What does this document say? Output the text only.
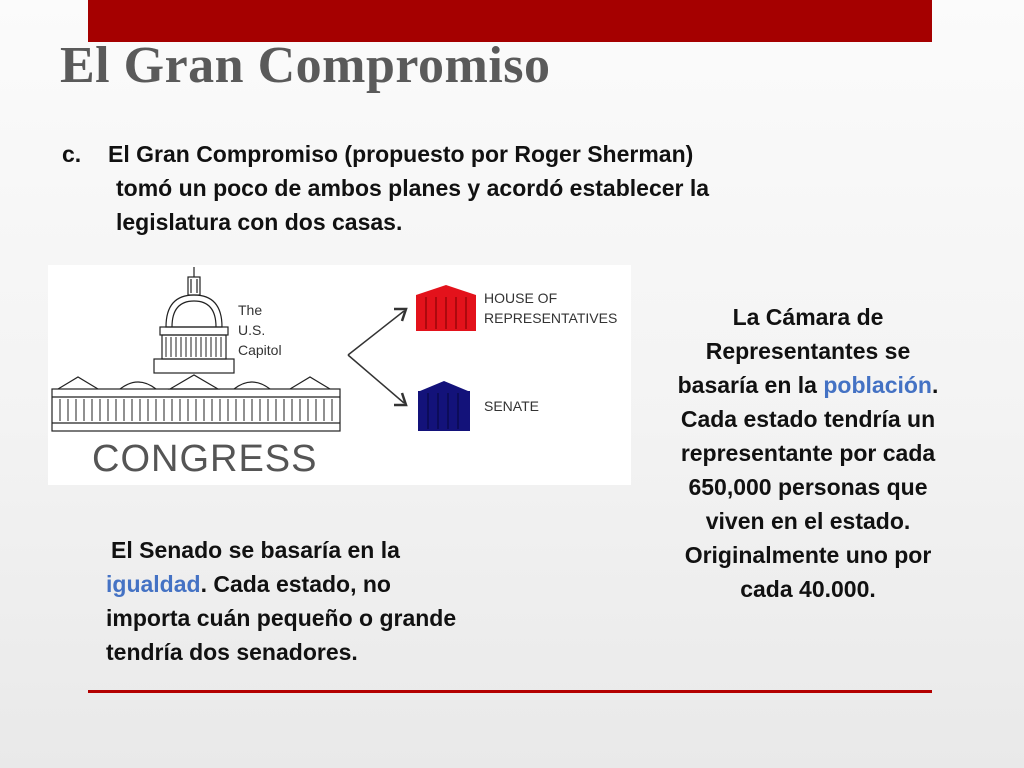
El Gran Compromiso
c. El Gran Compromiso (propuesto por Roger Sherman)
tomó un poco de ambos planes y acordó establecer la
legislatura con dos casas.
The
U.S.
Capitol
CONGRESS
HOUSE OF
REPRESENTATIVES
SENATE
La Cámara de
Representantes se
basaría en la población.
Cada estado tendría un
representante por cada
650,000 personas que
viven en el estado.
Originalmente uno por
cada 40.000.
El Senado se basaría en la
igualdad. Cada estado, no
importa cuán pequeño o grande
tendría dos senadores.
